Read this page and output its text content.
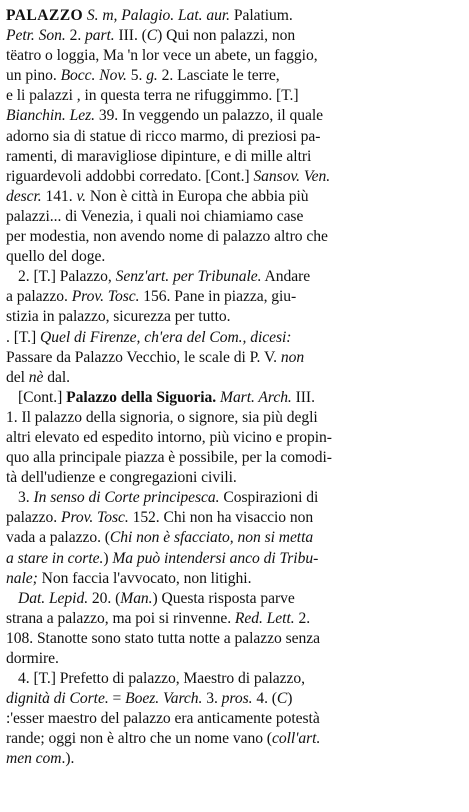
PALAZZO S. m, Palagio. Lat. aur. Palatium.
Petr. Son. 2. part. III. (C) Qui non palazzi, non
tëatro o loggia, Ma 'n lor vece un abete, un faggio,
un pino. Bocc. Nov. 5. g. 2. Lasciate le terre,
e li palazzi , in questa terra ne rifuggimmo. [T.]
Bianchin. Lez. 39. In veggendo un palazzo, il quale
adorno sia di statue di ricco marmo, di preziosi pa-
ramenti, di maravigliose dipinture, e di mille altri
riguardevoli addobbi corredato. [Cont.] Sansov. Ven.
descr. 141. v. Non è città in Europa che abbia più
palazzi... di Venezia, i quali noi chiamiamo case
per modestia, non avendo nome di palazzo altro che
quello del doge.
2. [T.] Palazzo, Senz'art. per Tribunale. Andare
a palazzo. Prov. Tosc. 156. Pane in piazza, giu-
stizia in palazzo, sicurezza per tutto.
. [T.] Quel di Firenze, ch'era del Com., dicesi:
Passare da Palazzo Vecchio, le scale di P. V. non
del nè dal.
[Cont.] Palazzo della Siguoria. Mart. Arch. III.
1. Il palazzo della signoria, o signore, sia più degli
altri elevato ed espedito intorno, più vicino e propin-
quo alla principale piazza è possibile, per la comodi-
tà dell'udienze e congregazioni civili.
3. In senso di Corte principesca. Cospirazioni di
palazzo. Prov. Tosc. 152. Chi non ha visaccio non
vada a palazzo. (Chi non è sfacciato, non si metta
a stare in corte.) Ma può intendersi anco di Tribu-
nale; Non faccia l'avvocato, non litighi.
Dat. Lepid. 20. (Man.) Questa risposta parve
strana a palazzo, ma poi si rinvenne. Red. Lett. 2.
108. Stanotte sono stato tutta notte a palazzo senza
dormire.
4. [T.] Prefetto di palazzo, Maestro di palazzo,
dignità di Corte. = Boez. Varch. 3. pros. 4. (C)
:'esser maestro del palazzo era anticamente potestà
rande; oggi non è altro che un nome vano (coll'art.
men com.).
